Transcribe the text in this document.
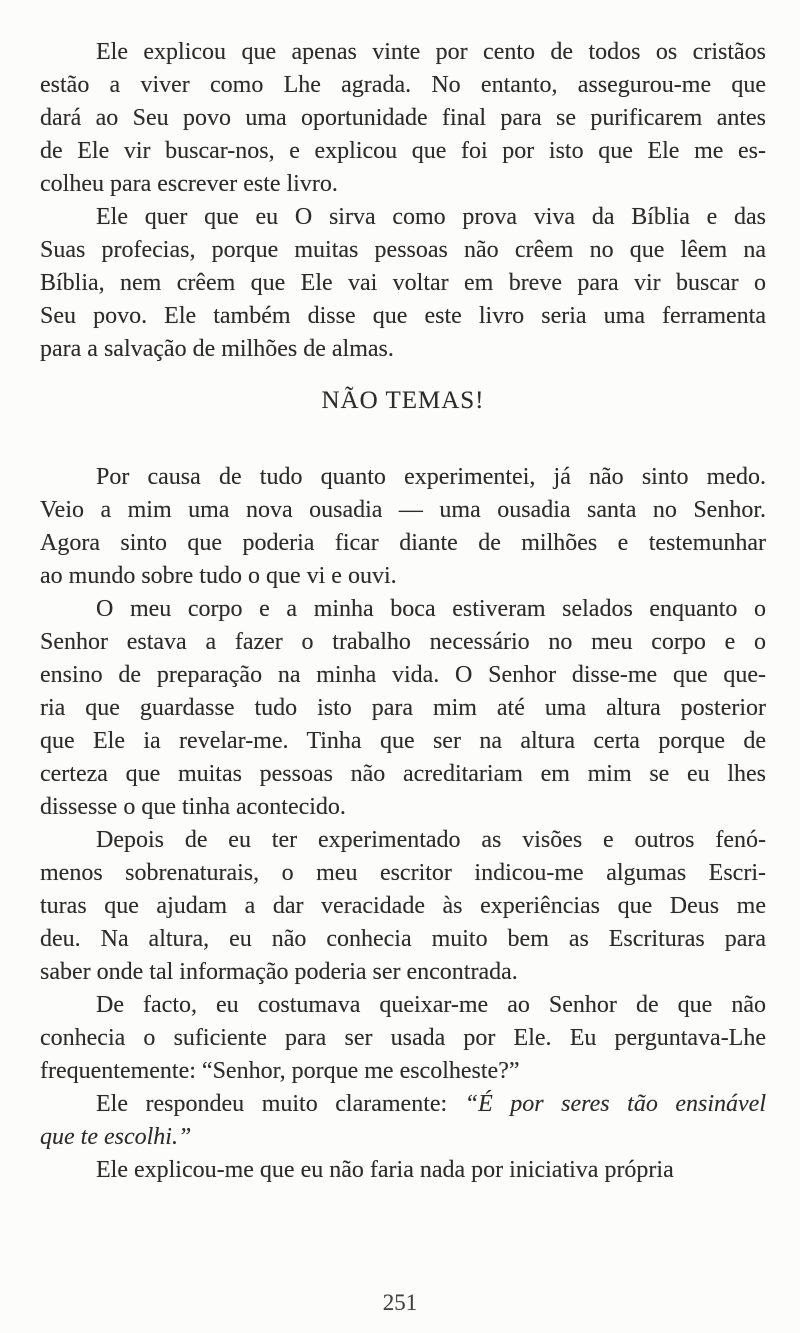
Ele explicou que apenas vinte por cento de todos os cristãos
estão a viver como Lhe agrada. No entanto, assegurou-me que
dará ao Seu povo uma oportunidade final para se purificarem antes
de Ele vir buscar-nos, e explicou que foi por isto que Ele me es-
colheu para escrever este livro.
Ele quer que eu O sirva como prova viva da Bíblia e das
Suas profecias, porque muitas pessoas não crêem no que lêem na
Bíblia, nem crêem que Ele vai voltar em breve para vir buscar o
Seu povo. Ele também disse que este livro seria uma ferramenta
para a salvação de milhões de almas.
NÃO TEMAS!
Por causa de tudo quanto experimentei, já não sinto medo.
Veio a mim uma nova ousadia — uma ousadia santa no Senhor.
Agora sinto que poderia ficar diante de milhões e testemunhar
ao mundo sobre tudo o que vi e ouvi.
O meu corpo e a minha boca estiveram selados enquanto o
Senhor estava a fazer o trabalho necessário no meu corpo e o
ensino de preparação na minha vida. O Senhor disse-me que que-
ria que guardasse tudo isto para mim até uma altura posterior
que Ele ia revelar-me. Tinha que ser na altura certa porque de
certeza que muitas pessoas não acreditariam em mim se eu lhes
dissesse o que tinha acontecido.
Depois de eu ter experimentado as visões e outros fenó-
menos sobrenaturais, o meu escritor indicou-me algumas Escri-
turas que ajudam a dar veracidade às experiências que Deus me
deu. Na altura, eu não conhecia muito bem as Escrituras para
saber onde tal informação poderia ser encontrada.
De facto, eu costumava queixar-me ao Senhor de que não
conhecia o suficiente para ser usada por Ele. Eu perguntava-Lhe
frequentemente: “Senhor, porque me escolheste?”
Ele respondeu muito claramente: “É por seres tão ensinável
que te escolhi.”
Ele explicou-me que eu não faria nada por iniciativa própria
251
